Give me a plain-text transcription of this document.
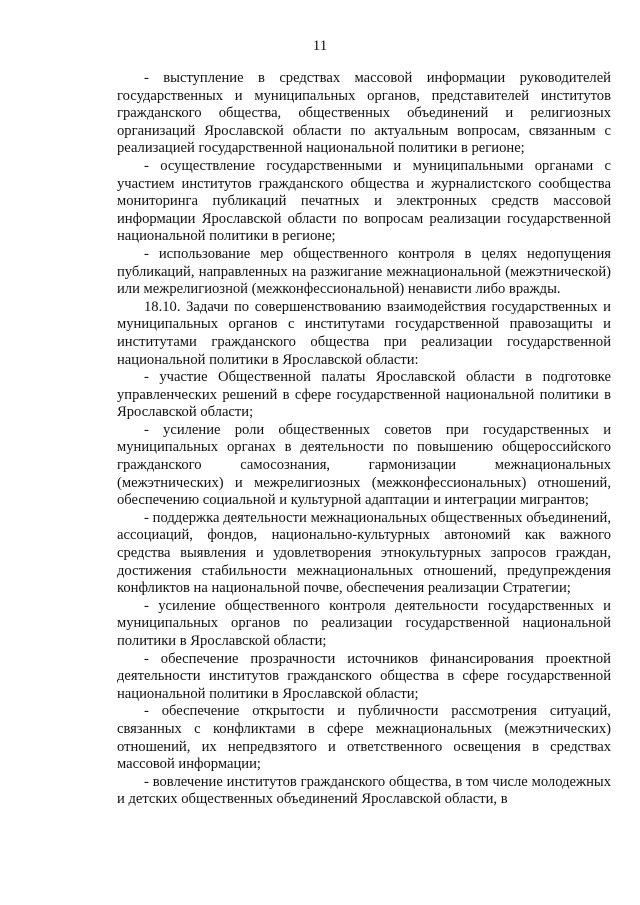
11

- выступление в средствах массовой информации руководителей государственных и муниципальных органов, представителей институтов гражданского общества, общественных объединений и религиозных организаций Ярославской области по актуальным вопросам, связанным с реализацией государственной национальной политики в регионе;

- осуществление государственными и муниципальными органами с участием институтов гражданского общества и журналистского сообщества мониторинга публикаций печатных и электронных средств массовой информации Ярославской области по вопросам реализации государственной национальной политики в регионе;

- использование мер общественного контроля в целях недопущения публикаций, направленных на разжигание межнациональной (межэтнической) или межрелигиозной (межконфессиональной) ненависти либо вражды.

18.10. Задачи по совершенствованию взаимодействия государственных и муниципальных органов с институтами государственной правозащиты и институтами гражданского общества при реализации государственной национальной политики в Ярославской области:

- участие Общественной палаты Ярославской области в подготовке управленческих решений в сфере государственной национальной политики в Ярославской области;

- усиление роли общественных советов при государственных и муниципальных органах в деятельности по повышению общероссийского гражданского самосознания, гармонизации межнациональных (межэтнических) и межрелигиозных (межконфессиональных) отношений, обеспечению социальной и культурной адаптации и интеграции мигрантов;

- поддержка деятельности межнациональных общественных объединений, ассоциаций, фондов, национально-культурных автономий как важного средства выявления и удовлетворения этнокультурных запросов граждан, достижения стабильности межнациональных отношений, предупреждения конфликтов на национальной почве, обеспечения реализации Стратегии;

- усиление общественного контроля деятельности государственных и муниципальных органов по реализации государственной национальной политики в Ярославской области;

- обеспечение прозрачности источников финансирования проектной деятельности институтов гражданского общества в сфере государственной национальной политики в Ярославской области;

- обеспечение открытости и публичности рассмотрения ситуаций, связанных с конфликтами в сфере межнациональных (межэтнических) отношений, их непредвзятого и ответственного освещения в средствах массовой информации;

- вовлечение институтов гражданского общества, в том числе молодежных и детских общественных объединений Ярославской области, в
